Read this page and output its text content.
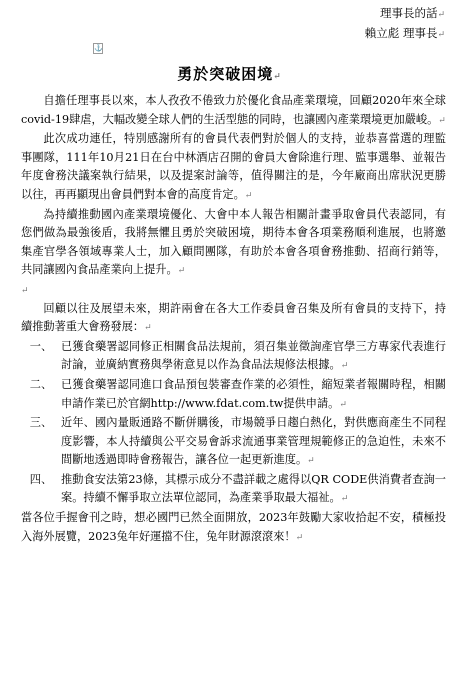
理事長的話↵
賴立彪 理事長↵
⚓
勇於突破困境↵

自擔任理事長以來，本人孜孜不倦致力於優化食品產業環境，回顧2020年來全球covid-19肆虐，大幅改變全球人們的生活型態的同時，也讓國內產業環境更加嚴峻。↵

此次成功連任，特別感謝所有的會員代表們對於個人的支持，並恭喜當選的理監事團隊，111年10月21日在台中林酒店召開的會員大會除進行理、監事選舉、並報告年度會務決議案執行結果，以及提案討論等，值得關注的是，今年廠商出席狀況更勝以往，再再顯現出會員們對本會的高度肯定。↵

為持續推動國內產業環境優化、大會中本人報告相關計畫爭取會員代表認同，有您們做為最強後盾，我將無懼且勇於突破困境，期待本會各項業務順利進展，也將邀集產官學各領域專業人士，加入顧問團隊，有助於本會各項會務推動、招商行銷等，共同讓國內食品產業向上提升。↵

↵

回顧以往及展望未來，期許兩會在各大工作委員會召集及所有會員的支持下，持續推動著重大會務發展：↵

一、 已獲食藥署認同修正相關食品法規前，須召集並徵詢產官學三方專家代表進行討論，並廣納實務與學術意見以作為食品法規修法根據。↵
二、 已獲食藥署認同進口食品預包裝審查作業的必須性，縮短業者報關時程，相關申請作業已於官網http://www.fdat.com.tw提供申請。↵
三、 近年、國內量販通路不斷併購後，市場競爭日趨白熱化，對供應商產生不同程度影響，本人持續與公平交易會訴求流通事業管理規範修正的急迫性，未來不間斷地透過即時會務報告，讓各位一起更新進度。↵
四、 推動食安法第23條，其標示成分不盡詳載之處得以QR CODE供消費者查詢一案。持續不懈爭取立法單位認同，為產業爭取最大福祉。↵

當各位手握會刊之時，想必國門已然全面開放，2023年鼓勵大家收拾起不安，積極投入海外展覽，2023兔年好運擋不住，兔年財源滾滾來！↵
